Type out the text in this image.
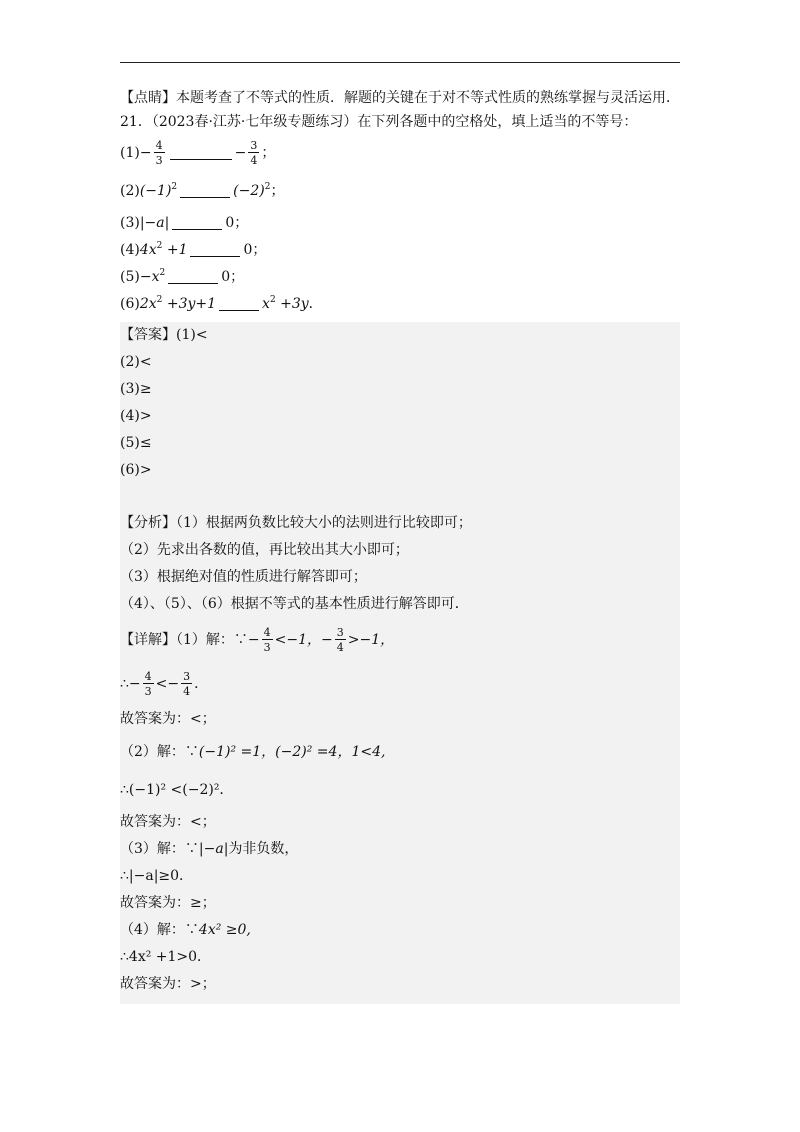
【点睛】本题考查了不等式的性质．解题的关键在于对不等式性质的熟练掌握与灵活运用．
21．（2023春·江苏·七年级专题练习）在下列各题中的空格处，填上适当的不等号：
$(1)- \frac{4}{3}$	− $\frac{3}{4}$ ；
$(2)(-1)^2$	$(-2)^2$；
(3)|−a|	0；
$(4)4x^2 +1$	0；
$(5)-x^2$	0；
$(6)2x^2 +3y+1$	$x^2 +3y$．
【答案】(1)<
(2)<
(3)≥
(4)>
(5)≤
(6)>
【分析】（1）根据两负数比较大小的法则进行比较即可；
（2）先求出各数的值，再比较出其大小即可；
（3）根据绝对值的性质进行解答即可；
（4）、（5）、（6）根据不等式的基本性质进行解答即可．
【详解】（1）解：∵− $\frac{4}{3} <-1$，− $\frac{3}{4} >-1$，
∴− $\frac{4}{3} <- \frac{3}{4}$ ．
故答案为：<；
（2）解：∵(−1)² =1，(−2)² =4，1<4,
∴(−1)² <(−2)²．
故答案为：<；
（3）解：∵|−a|为非负数，
∴|−a|≥0．
故答案为：≥；
（4）解：∵4x² ≥0,
∴4x² +1>0．
故答案为：>；
